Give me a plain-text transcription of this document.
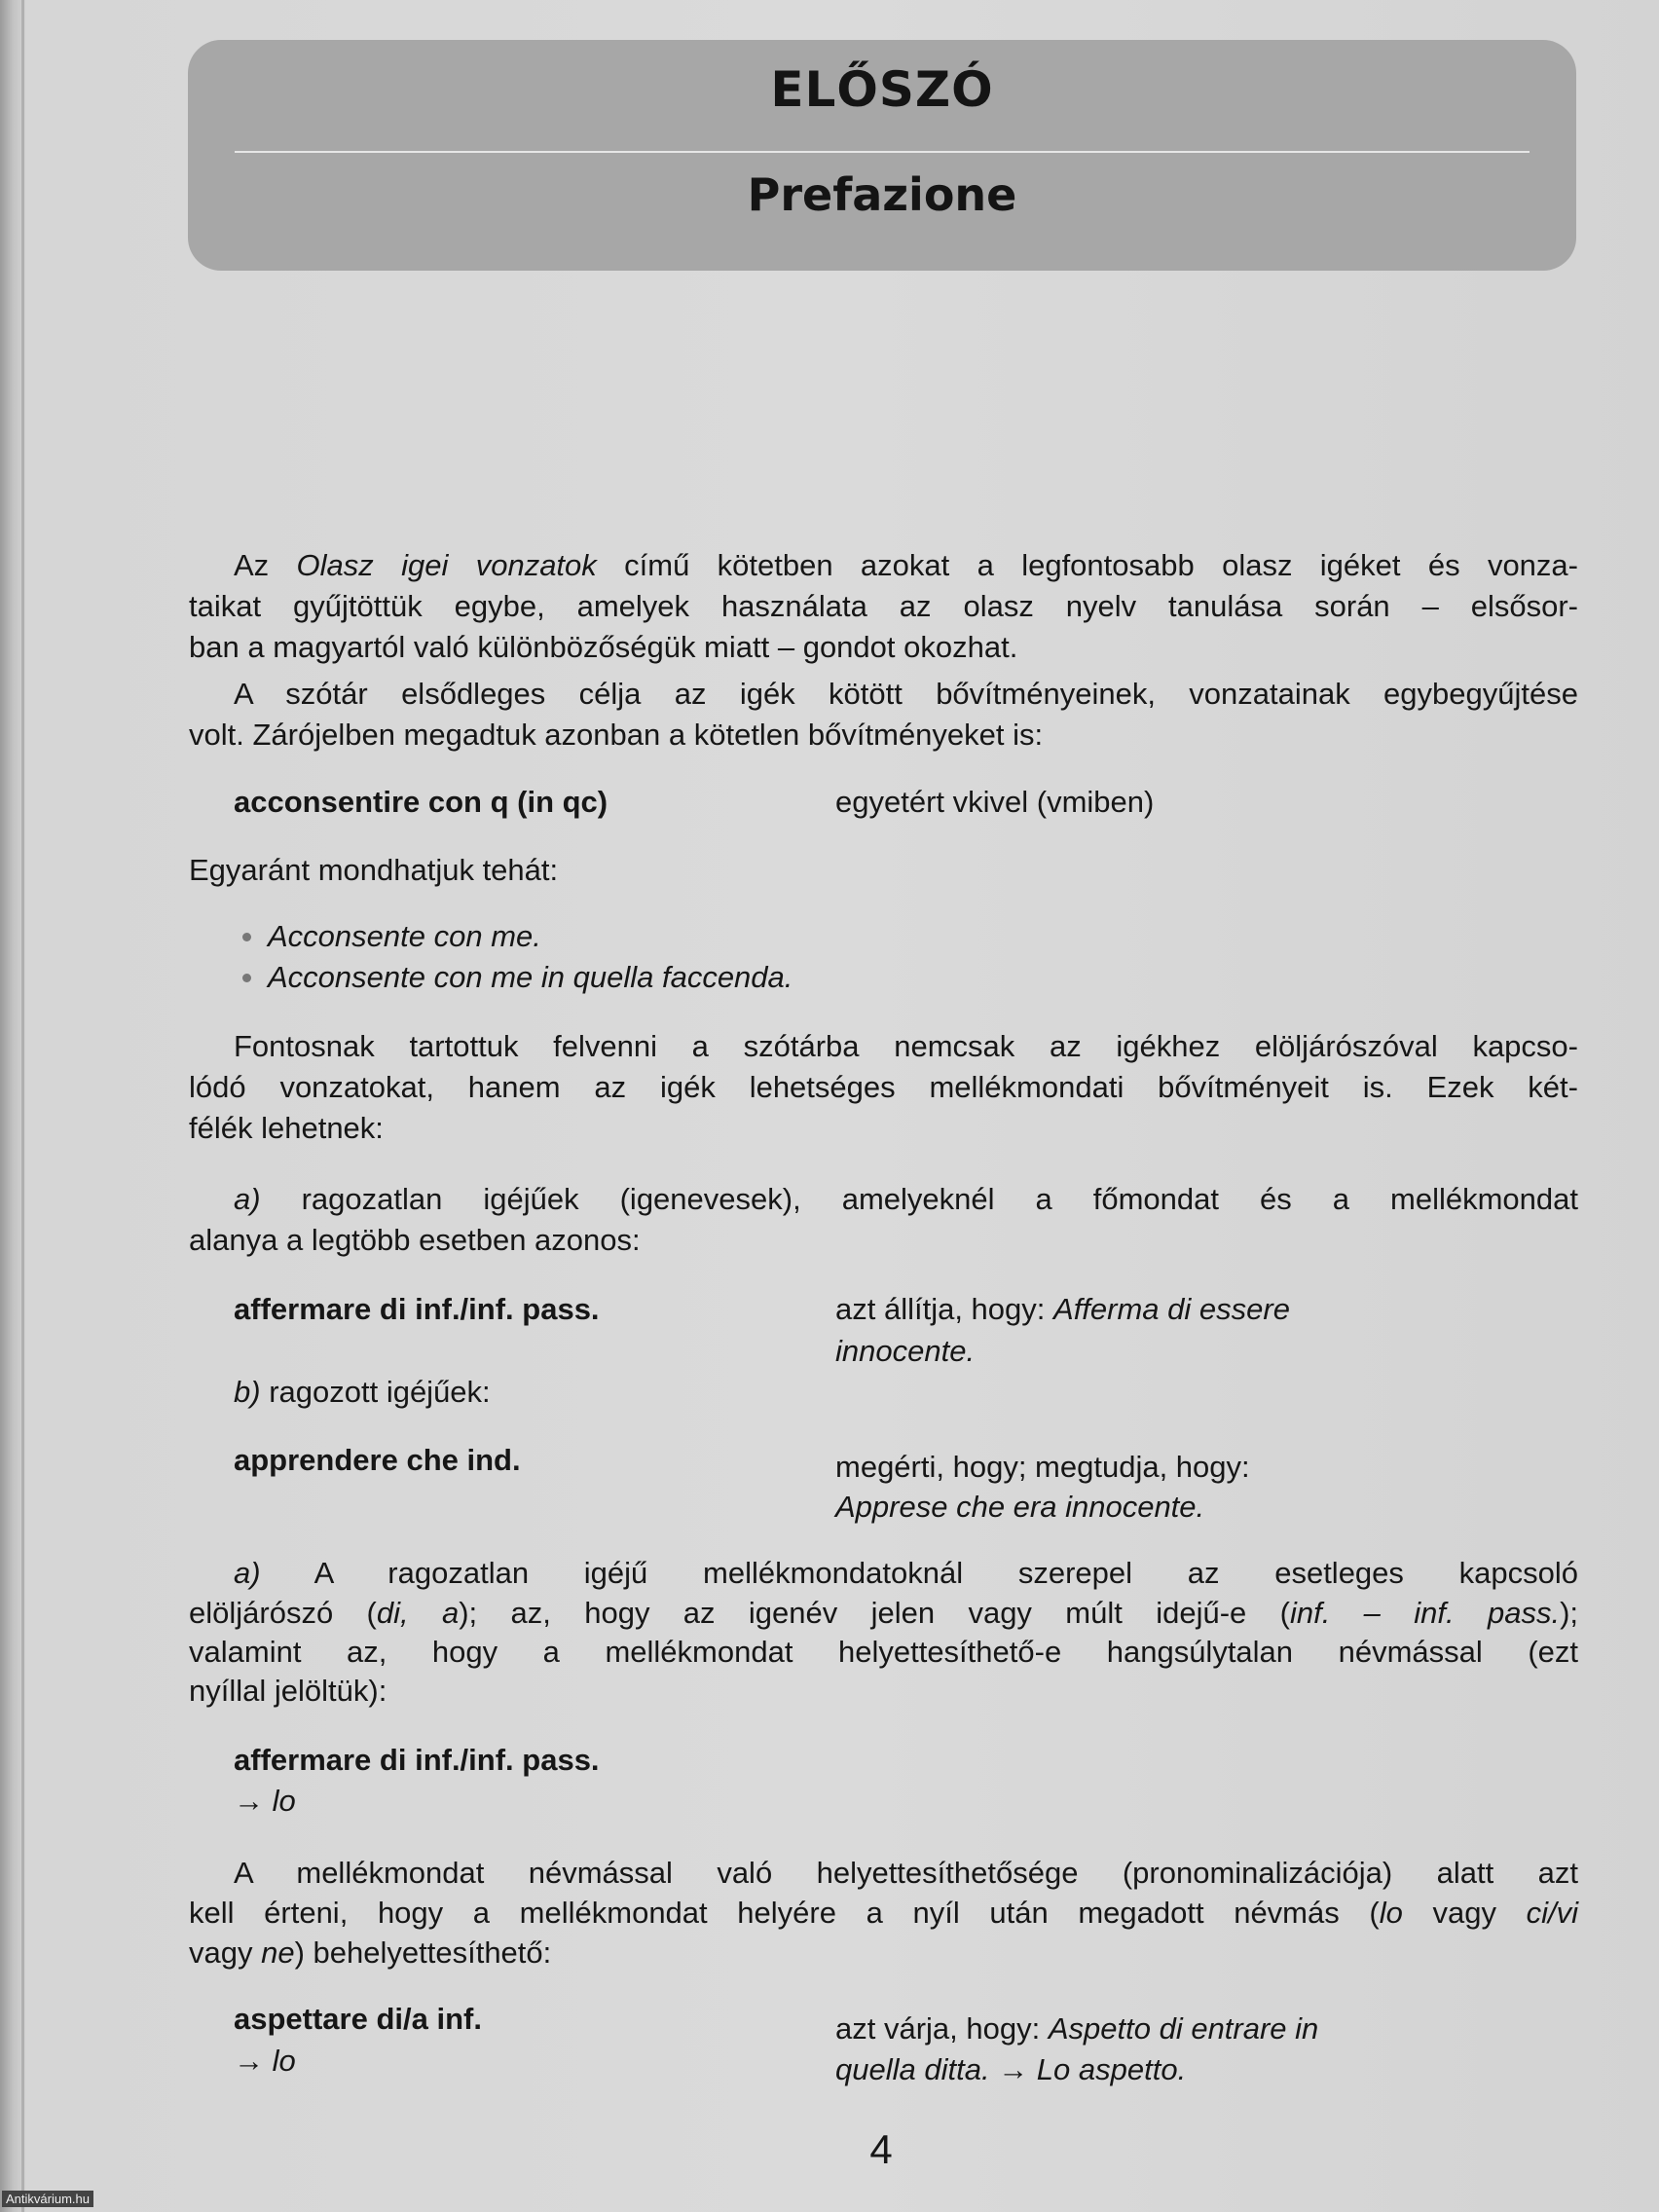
ELŐSZÓ
Prefazione
Az Olasz igei vonzatok című kötetben azokat a legfontosabb olasz igéket és vonza-
taikat gyűjtöttük egybe, amelyek használata az olasz nyelv tanulása során – elsősor-
ban a magyartól való különbözőségük miatt – gondot okozhat.
A szótár elsődleges célja az igék kötött bővítményeinek, vonzatainak egybegyűjtése
volt. Zárójelben megadtuk azonban a kötetlen bővítményeket is:
acconsentire con q (in qc)	egyetért vkivel (vmiben)
Egyaránt mondhatjuk tehát:
Acconsente con me.
Acconsente con me in quella faccenda.
Fontosnak tartottuk felvenni a szótárba nemcsak az igékhez elöljárószóval kapcso-
lódó vonzatokat, hanem az igék lehetséges mellékmondati bővítményeit is. Ezek két-
félék lehetnek:
a) ragozatlan igéjűek (igenevesek), amelyeknél a főmondat és a mellékmondat
alanya a legtöbb esetben azonos:
affermare di inf./inf. pass.	azt állítja, hogy: Afferma di essere
innocente.
b) ragozott igéjűek:
apprendere che ind.	megérti, hogy; megtudja, hogy:
Apprese che era innocente.
a) A ragozatlan igéjű mellékmondatoknál szerepel az esetleges kapcsoló
elöljárószó (di, a); az, hogy az igenév jelen vagy múlt idejű-e (inf. – inf. pass.);
valamint az, hogy a mellékmondat helyettesíthető-e hangsúlytalan névmással (ezt
nyíllal jelöltük):
affermare di inf./inf. pass.
→ lo
A mellékmondat névmással való helyettesíthetősége (pronominalizációja) alatt azt
kell érteni, hogy a mellékmondat helyére a nyíl után megadott névmás (lo vagy ci/vi
vagy ne) behelyettesíthető:
aspettare di/a inf.	azt várja, hogy: Aspetto di entrare in
→ lo	quella ditta. → Lo aspetto.
4
Antikvárium.hu
